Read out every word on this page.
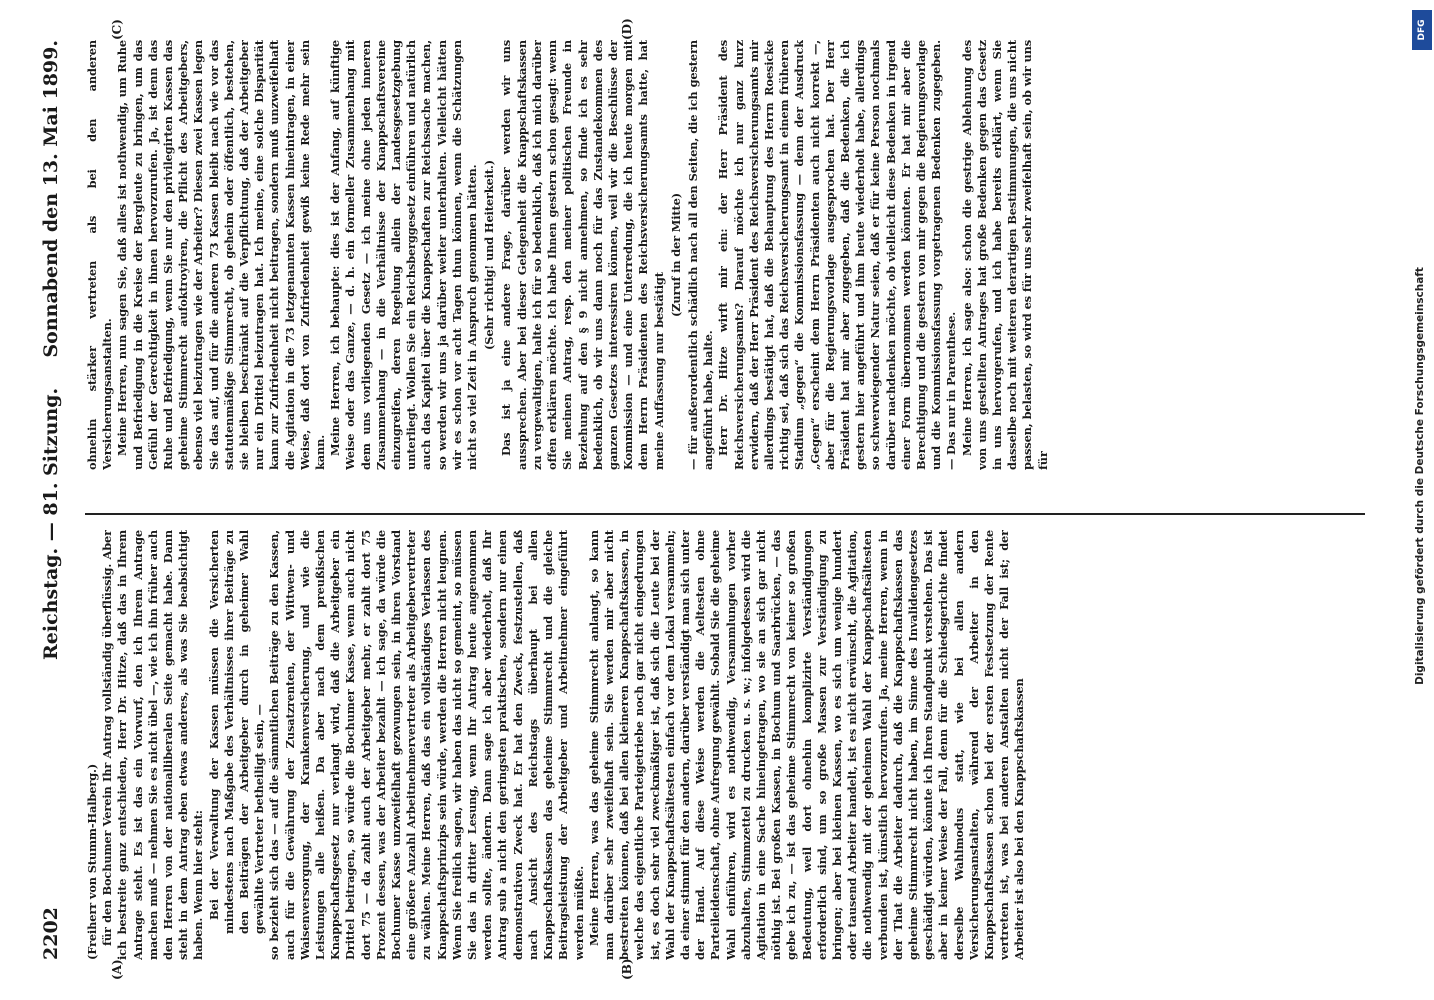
2202
Reichstag. — 81. Sitzung.
Sonnabend den 13. Mai 1899.
(A)	(B)
(C)	(D)

(Freiherr von Stumm-Halberg.) für den Bochumer Verein Ihr Antrag vollständig überflüssig. Aber ich bestreite ganz entschieden, Herr Dr. Hitze, daß das in Ihrem Antrage steht. Es ist das ein Vorwurf, den ich Ihrem Antrage machen muß — nehmen Sie es nicht übel —, wie ich ihn früher auch den Herren von der nationalliberalen Seite gemacht habe. Dann steht in dem Antrag eben etwas anderes, als was Sie beabsichtigt haben. Wenn hier steht: Bei der Verwaltung der Kassen müssen die Versicherten mindestens nach Maßgabe des Verhältnisses ihrer Beiträge zu den Beiträgen der Arbeitgeber durch in geheimer Wahl gewählte Vertreter betheiligt sein, — so bezieht sich das — auf die sämmtlichen Beiträge zu den Kassen, auch für die Gewährung der Zusatzrenten, der Wittwen- und Waisenversorgung, der Krankenversicherung, und wie die Leistungen alle heißen. Da aber nach dem preußischen Knappschaftsgesetz nur verlangt wird, daß die Arbeitgeber ein Drittel beitragen, so würde die Bochumer Kasse, wenn auch nicht dort 75 — da zahlt auch der Arbeitgeber mehr, er zahlt dort 75 Prozent dessen, was der Arbeiter bezahlt — ich sage, da würde die Bochumer Kasse unzweifelhaft gezwungen sein, in ihren Vorstand eine größere Anzahl Arbeitnehmervertreter als Arbeitgebervertreter zu wählen. Meine Herren, daß das ein vollständiges Verlassen des Knappschaftsprinzips sein würde, werden die Herren nicht leugnen. Wenn Sie freilich sagen, wir haben das nicht so gemeint, so müssen Sie das in dritter Lesung, wenn Ihr Antrag heute angenommen werden sollte, ändern. Dann sage ich aber wiederholt, daß Ihr Antrag sub a nicht den geringsten praktischen, sondern nur einen demonstrativen Zweck hat. Er hat den Zweck, festzustellen, daß nach Ansicht des Reichstags überhaupt bei allen Knappschaftskassen das geheime Stimmrecht und die gleiche Beitragsleistung der Arbeitgeber und Arbeitnehmer eingeführt werden müßte. Meine Herren, was das geheime Stimmrecht anlangt, so kann man darüber sehr zweifelhaft sein. Sie werden mir aber nicht bestreiten können, daß bei allen kleineren Knappschaftskassen, in welche das eigentliche Parteigetriebe noch gar nicht eingedrungen ist, es doch sehr viel zweckmäßiger ist, daß sich die Leute bei der Wahl der Knappschaftsältesten einfach vor dem Lokal versammeln; da einer stimmt für den andern, darüber verständigt man sich unter der Hand. Auf diese Weise werden die Aeltesten ohne Parteileidenschaft, ohne Aufregung gewählt. Sobald Sie die geheime Wahl einführen, wird es nothwendig, Versammlungen vorher abzuhalten, Stimmzettel zu drucken u. s. w.; infolgedessen wird die Agitation in eine Sache hineingetragen, wo sie an sich gar nicht nöthig ist. Bei großen Kassen, in Bochum und Saarbrücken, — das gebe ich zu, — ist das geheime Stimmrecht von keiner so großen Bedeutung, weil dort ohnehin komplizirte Verständigungen erforderlich sind, um so große Massen zur Verständigung zu bringen; aber bei kleinen Kassen, wo es sich um wenige hundert oder tausend Arbeiter handelt, ist es nicht erwünscht, die Agitation, die nothwendig mit der geheimen Wahl der Knappschaftsältesten verbunden ist, künstlich hervorzurufen. Ja, meine Herren, wenn in der That die Arbeiter dadurch, daß die Knappschaftskassen das geheime Stimmrecht nicht haben, im Sinne des Invalidengesetzes geschädigt würden, könnte ich Ihren Standpunkt verstehen. Das ist aber in keiner Weise der Fall, denn für die Schiedsgerichte findet derselbe Wahlmodus statt, wie bei allen andern Versicherungsanstalten, während der Arbeiter in den Knappschaftskassen schon bei der ersten Festsetzung der Rente vertreten ist, was bei anderen Anstalten nicht der Fall ist; der Arbeiter ist also bei den Knappschaftskassen

ohnehin stärker vertreten als bei den anderen Versicherungsanstalten. Meine Herren, nun sagen Sie, daß alles ist nothwendig, um Ruhe und Befriedigung in die Kreise der Bergleute zu bringen, um das Gefühl der Gerechtigkeit in ihnen hervorzurufen. Ja, ist denn das Ruhe und Befriedigung, wenn Sie nur den privilegirten Kassen das geheime Stimmrecht aufoktroyiren, die Pflicht des Arbeitgebers, ebenso viel beizutragen wie der Arbeiter? Diesen zwei Kassen legen Sie das auf, und für die anderen 73 Kassen bleibt nach wie vor das statutenmäßige Stimmrecht, ob geheim oder öffentlich, bestehen, sie bleiben beschränkt auf die Verpflichtung, daß der Arbeitgeber nur ein Drittel beizutragen hat. Ich meine, eine solche Disparität kann zur Zufriedenheit nicht beitragen, sondern muß unzweifelhaft die Agitation in die 73 letzgenannten Kassen hineintragen, in einer Weise, daß dort von Zufriedenheit gewiß keine Rede mehr sein kann. Meine Herren, ich behaupte: dies ist der Anfang, auf künftige Weise oder das Ganze, — d. h. ein formeller Zusammenhang mit dem uns vorliegenden Gesetz — ich meine ohne jeden inneren Zusammenhang — in die Verhältnisse der Knappschaftsvereine einzugreifen, deren Regelung allein der Landesgesetzgebung unterliegt. Wollen Sie ein Reichsberggesetz einführen und natürlich auch das Kapitel über die Knappschaften zur Reichssache machen, so werden wir uns ja darüber weiter unterhalten. Vielleicht hätten wir es schon vor acht Tagen thun können, wenn die Schätzungen nicht so viel Zeit in Anspruch genommen hätten. (Sehr richtig! und Heiterkeit.) Das ist ja eine andere Frage, darüber werden wir uns aussprechen. Aber bei dieser Gelegenheit die Knappschaftskassen zu vergewaltigen, halte ich für so bedenklich, daß ich mich darüber offen erklären möchte. Ich habe Ihnen gestern schon gesagt: wenn Sie meinen Antrag, resp. den meiner politischen Freunde in Beziehung auf den § 9 nicht annehmen, so finde ich es sehr bedenklich, ob wir uns dann noch für das Zustandekommen des ganzen Gesetzes interessiren können, weil wir die Beschlüsse der Kommission — und eine Unterredung, die ich heute morgen mit dem Herrn Präsidenten des Reichsversicherungsamts hatte, hat meine Auffassung nur bestätigt

(Zuruf in der Mitte) — für außerordentlich schädlich nach all den Seiten, die ich gestern angeführt habe, halte. Herr Dr. Hitze wirft mir ein: der Herr Präsident des Reichsversicherungsamts? Darauf möchte ich nur ganz kurz erwidern, daß der Herr Präsident des Reichsversicherungsamts mir allerdings bestätigt hat, daß die Behauptung des Herrn Roesicke richtig sei, daß sich das Reichsversicherungsamt in einem früheren Stadium „gegen“ die Kommissionsfassung — denn der Ausdruck „Gegen“ erscheint dem Herrn Präsidenten auch nicht korrekt —, aber für die Regierungsvorlage ausgesprochen hat. Der Herr Präsident hat mir aber zugegeben, daß die Bedenken, die ich gestern hier angeführt und ihm heute wiederholt habe, allerdings so schwerwiegender Natur seien, daß er für keine Person nochmals darüber nachdenken möchte, ob vielleicht diese Bedenken in irgend einer Form übernommen werden könnten. Er hat mir aber die Berechtigung und die gestern von mir gegen die Regierungsvorlage und die Kommissionsfassung vorgetragenen Bedenken zugegeben. — Das nur in Parenthese. Meine Herren, ich sage also: schon die gestrige Ablehnung des von uns gestellten Antrages hat große Bedenken gegen das Gesetz in uns hervorgerufen, und ich habe bereits erklärt, wenn Sie dasselbe noch mit weiteren derartigen Bestimmungen, die uns nicht passen, belasten, so wird es für uns sehr zweifelhaft sein, ob wir uns für

DFG
Digitalisierung gefördert durch die Deutsche Forschungsgemeinschaft
